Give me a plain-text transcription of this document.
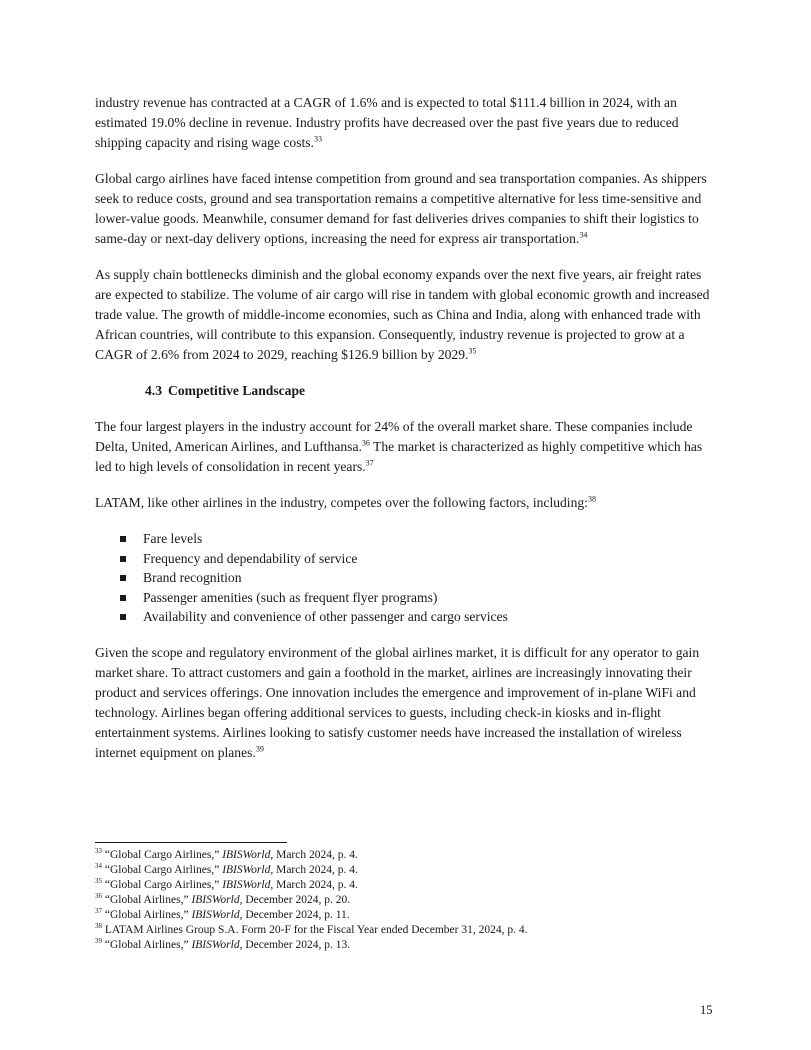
industry revenue has contracted at a CAGR of 1.6% and is expected to total $111.4 billion in 2024, with an estimated 19.0% decline in revenue. Industry profits have decreased over the past five years due to reduced shipping capacity and rising wage costs.$^{33}$

Global cargo airlines have faced intense competition from ground and sea transportation companies. As shippers seek to reduce costs, ground and sea transportation remains a competitive alternative for less time-sensitive and lower-value goods. Meanwhile, consumer demand for fast deliveries drives companies to shift their logistics to same-day or next-day delivery options, increasing the need for express air transportation.$^{34}$

As supply chain bottlenecks diminish and the global economy expands over the next five years, air freight rates are expected to stabilize. The volume of air cargo will rise in tandem with global economic growth and increased trade value. The growth of middle-income economies, such as China and India, along with enhanced trade with African countries, will contribute to this expansion. Consequently, industry revenue is projected to grow at a CAGR of 2.6% from 2024 to 2029, reaching $126.9 billion by 2029.35

4.3 Competitive Landscape

The four largest players in the industry account for 24% of the overall market share. These companies include Delta, United, American Airlines, and Lufthansa.$^{36}$ The market is characterized as highly competitive which has led to high levels of consolidation in recent years.$^{37}$

LATAM, like other airlines in the industry, competes over the following factors, including:$^{38}$

Fare levels
Frequency and dependability of service
Brand recognition
Passenger amenities (such as frequent flyer programs)
Availability and convenience of other passenger and cargo services

Given the scope and regulatory environment of the global airlines market, it is difficult for any operator to gain market share. To attract customers and gain a foothold in the market, airlines are increasingly innovating their product and services offerings. One innovation includes the emergence and improvement of in-plane WiFi and technology. Airlines began offering additional services to guests, including check-in kiosks and in-flight entertainment systems. Airlines looking to satisfy customer needs have increased the installation of wireless internet equipment on planes.$^{39}$

$^{33}$ “Global Cargo Airlines,” IBISWorld, March 2024, p. 4.
$^{34}$ “Global Cargo Airlines,” IBISWorld, March 2024, p. 4.
$^{35}$ “Global Cargo Airlines,” IBISWorld, March 2024, p. 4.
$^{36}$ “Global Airlines,” IBISWorld, December 2024, p. 20.
$^{37}$ “Global Airlines,” IBISWorld, December 2024, p. 11.
$^{38}$ LATAM Airlines Group S.A. Form 20-F for the Fiscal Year ended December 31, 2024, p. 4.
$^{39}$ “Global Airlines,” IBISWorld, December 2024, p. 13.
15
